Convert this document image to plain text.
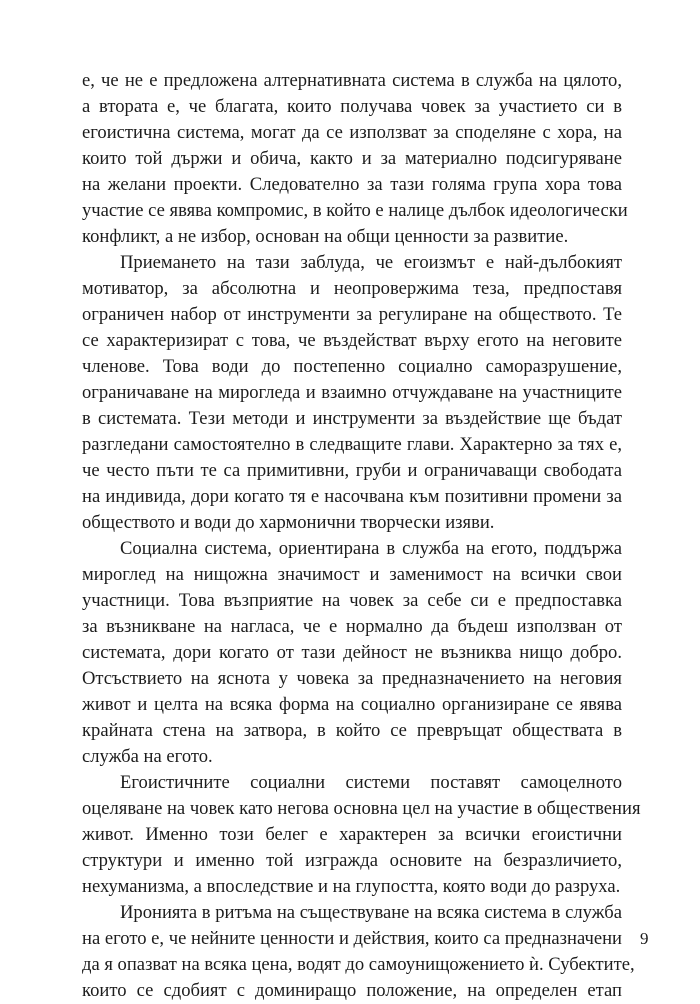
е, че не е предложена алтернативната система в служба на цялото,
а втората е, че благата, които получава човек за участието си в
егоистична система, могат да се използват за споделяне с хора, на
които той държи и обича, както и за материално подсигуряване
на желани проекти. Следователно за тази голяма група хора това
участие се явява компромис, в който е налице дълбок идеологически
конфликт, а не избор, основан на общи ценности за развитие.

Приемането на тази заблуда, че егоизмът е най-дълбокият
мотиватор, за абсолютна и неопровержима теза, предпоставя
ограничен набор от инструменти за регулиране на обществото. Те
се характеризират с това, че въздействат върху егото на неговите
членове. Това води до постепенно социално саморазрушение,
ограничаване на мирогледа и взаимно отчуждаване на участниците
в системата. Тези методи и инструменти за въздействие ще бъдат
разгледани самостоятелно в следващите глави. Характерно за тях е,
че често пъти те са примитивни, груби и ограничаващи свободата
на индивида, дори когато тя е насочвана към позитивни промени за
обществото и води до хармонични творчески изяви.

Социална система, ориентирана в служба на егото, поддържа
мироглед на нищожна значимост и заменимост на всички свои
участници. Това възприятие на човек за себе си е предпоставка
за възникване на нагласа, че е нормално да бъдеш използван от
системата, дори когато от тази дейност не възниква нищо добро.
Отсъствието на яснота у човека за предназначението на неговия
живот и целта на всяка форма на социално организиране се явява
крайната стена на затвора, в който се превръщат обществата в
служба на егото.

Егоистичните социални системи поставят самоцелното
оцеляване на човек като негова основна цел на участие в обществения
живот. Именно този белег е характерен за всички егоистични
структури и именно той изгражда основите на безразличието,
нехуманизма, а впоследствие и на глупостта, която води до разруха.

Иронията в ритъма на съществуване на всяка система в служба
на егото е, че нейните ценности и действия, които са предназначени
да я опазват на всяка цена, водят до самоунищожението ѝ. Субектите,
които се сдобият с доминиращо положение, на определен етап

9
